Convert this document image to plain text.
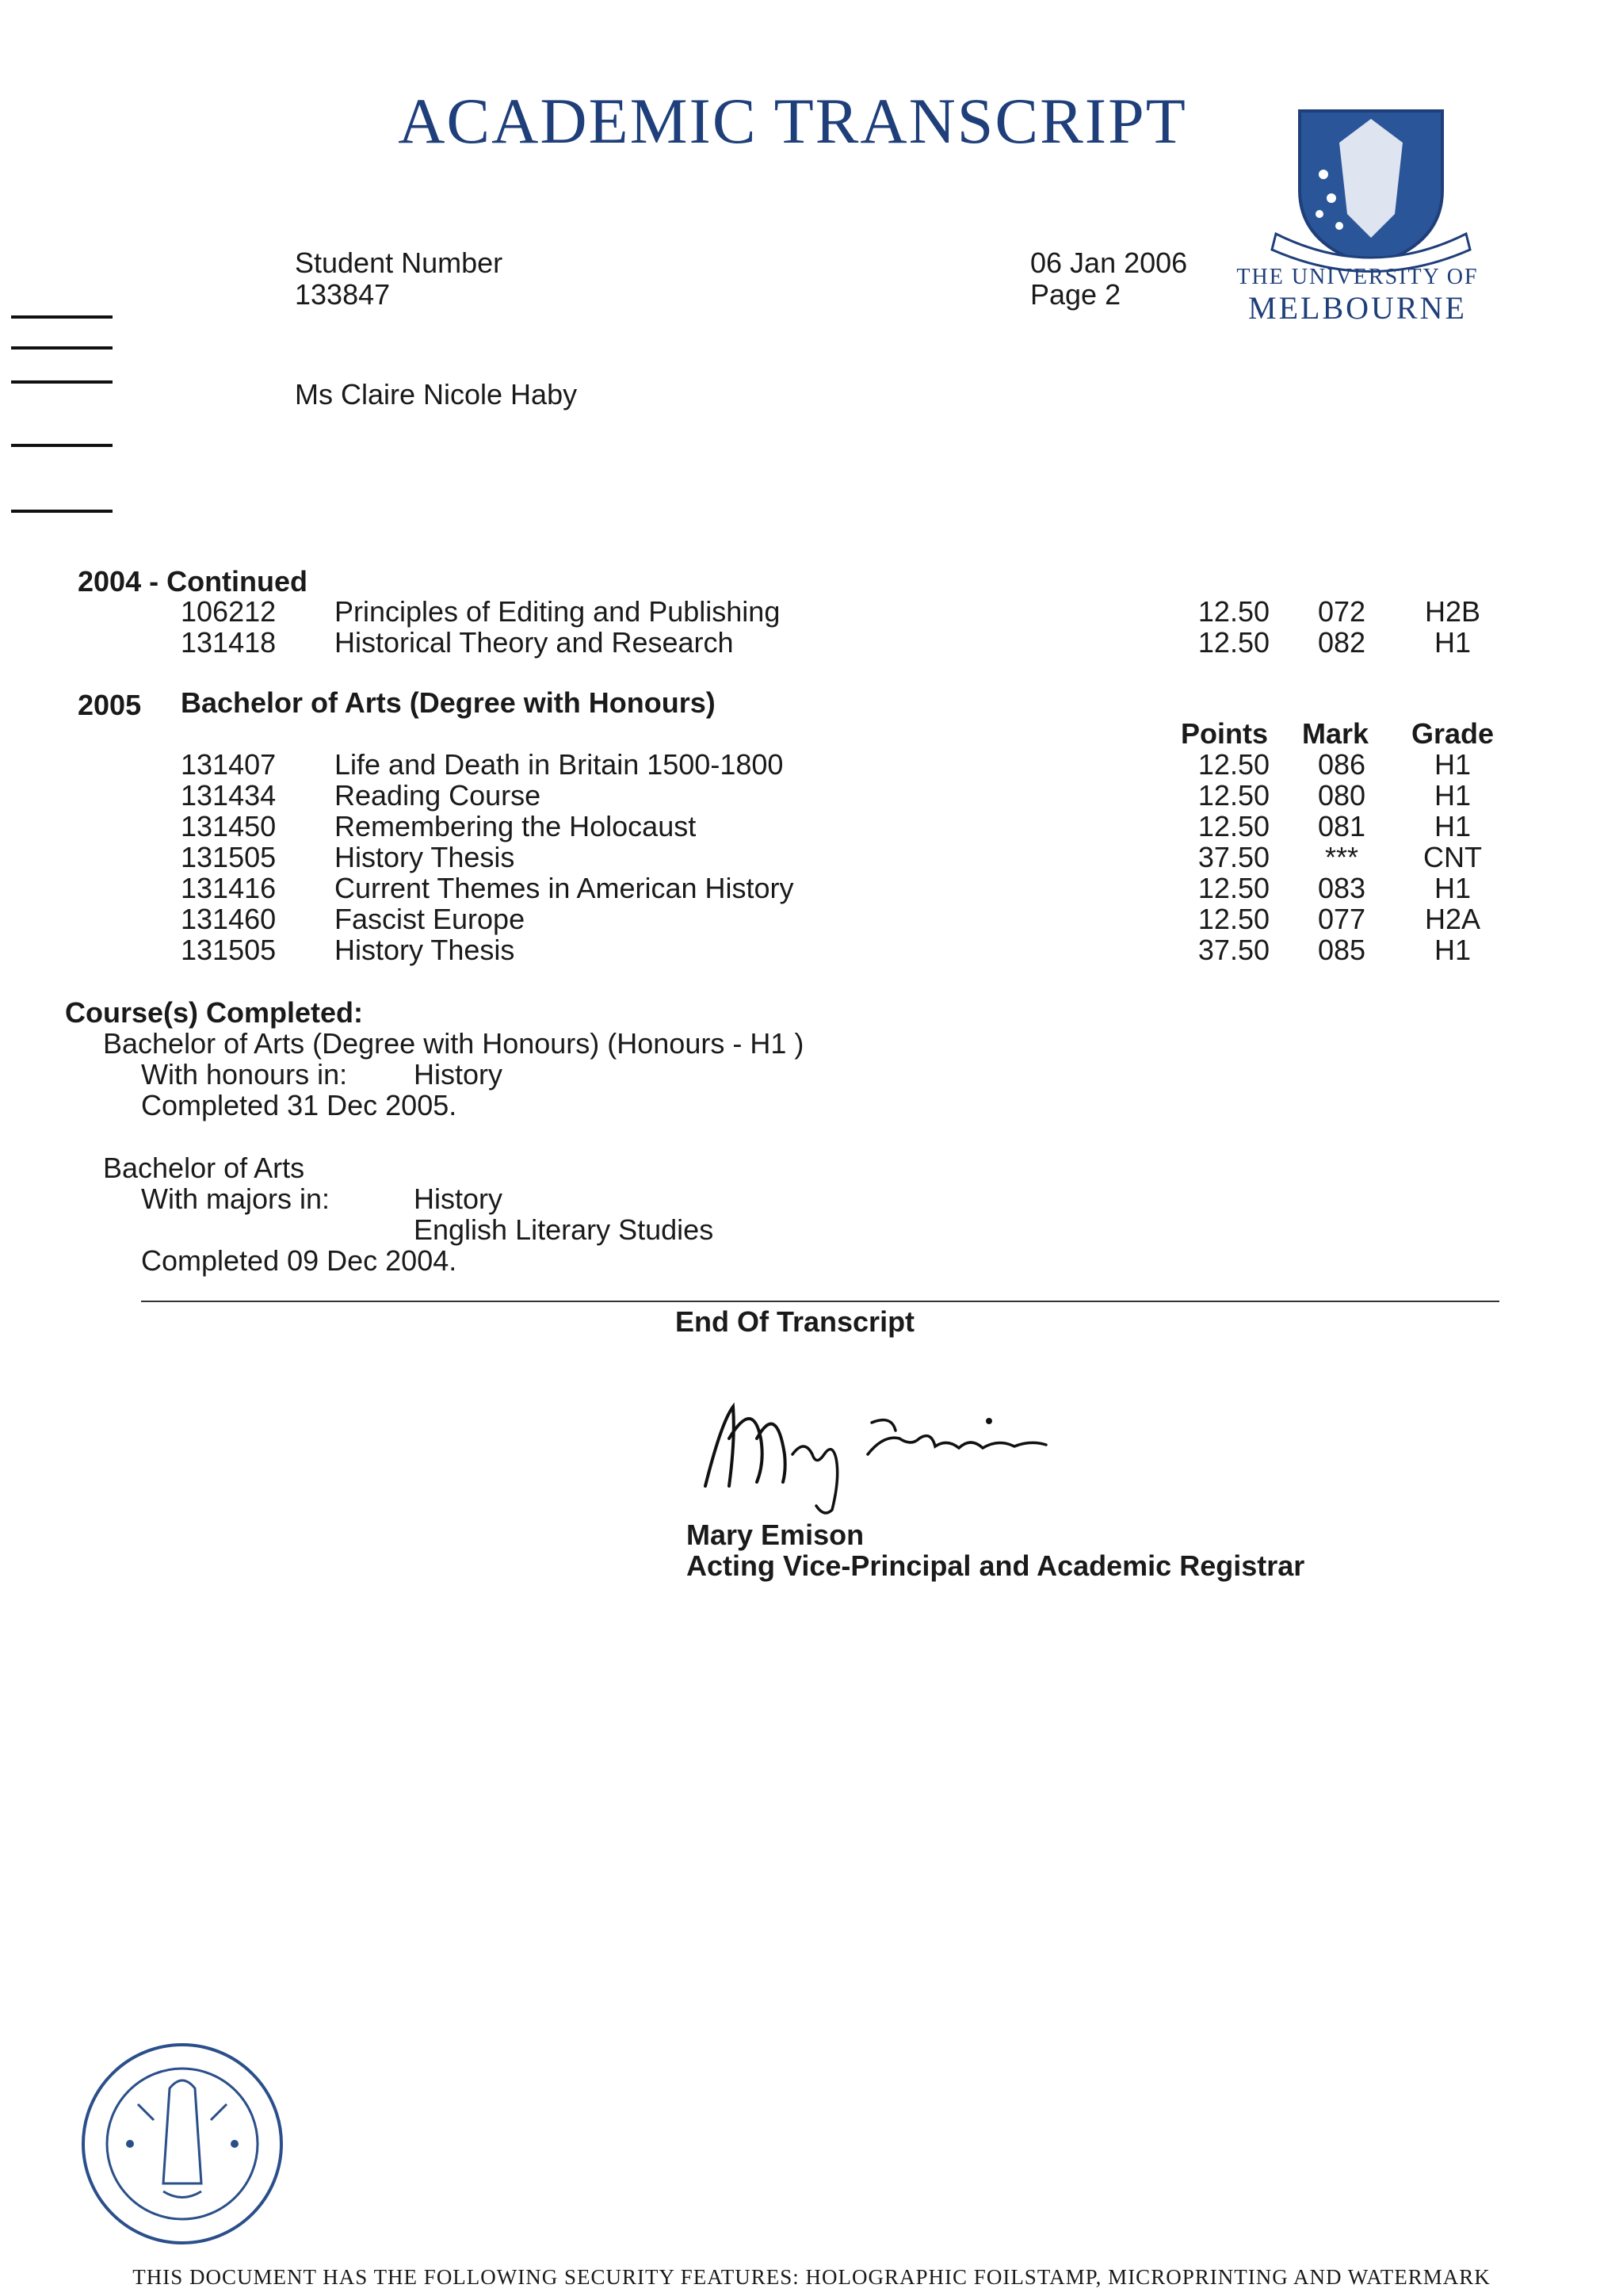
ACADEMIC TRANSCRIPT
THE UNIVERSITY OF
MELBOURNE
Student Number
133847
06 Jan 2006
Page 2
Ms Claire Nicole Haby
2004 - Continued
106212 Principles of Editing and Publishing	12.50	072	H2B
131418 Historical Theory and Research	12.50	082	H1
2005 Bachelor of Arts (Degree with Honours)
Points	Mark	Grade
131407 Life and Death in Britain 1500-1800	12.50	086	H1
131434 Reading Course	12.50	080	H1
131450 Remembering the Holocaust	12.50	081	H1
131505 History Thesis	37.50	***	CNT
131416 Current Themes in American History	12.50	083	H1
131460 Fascist Europe	12.50	077	H2A
131505 History Thesis	37.50	085	H1
Course(s) Completed:
Bachelor of Arts (Degree with Honours) (Honours - H1 )
With honours in: History
Completed 31 Dec 2005.
Bachelor of Arts
With majors in:	History
English Literary Studies
Completed 09 Dec 2004.
End Of Transcript
Mary Emison
Acting Vice-Principal and Academic Registrar
THIS DOCUMENT HAS THE FOLLOWING SECURITY FEATURES: HOLOGRAPHIC FOILSTAMP, MICROPRINTING AND WATERMARK
